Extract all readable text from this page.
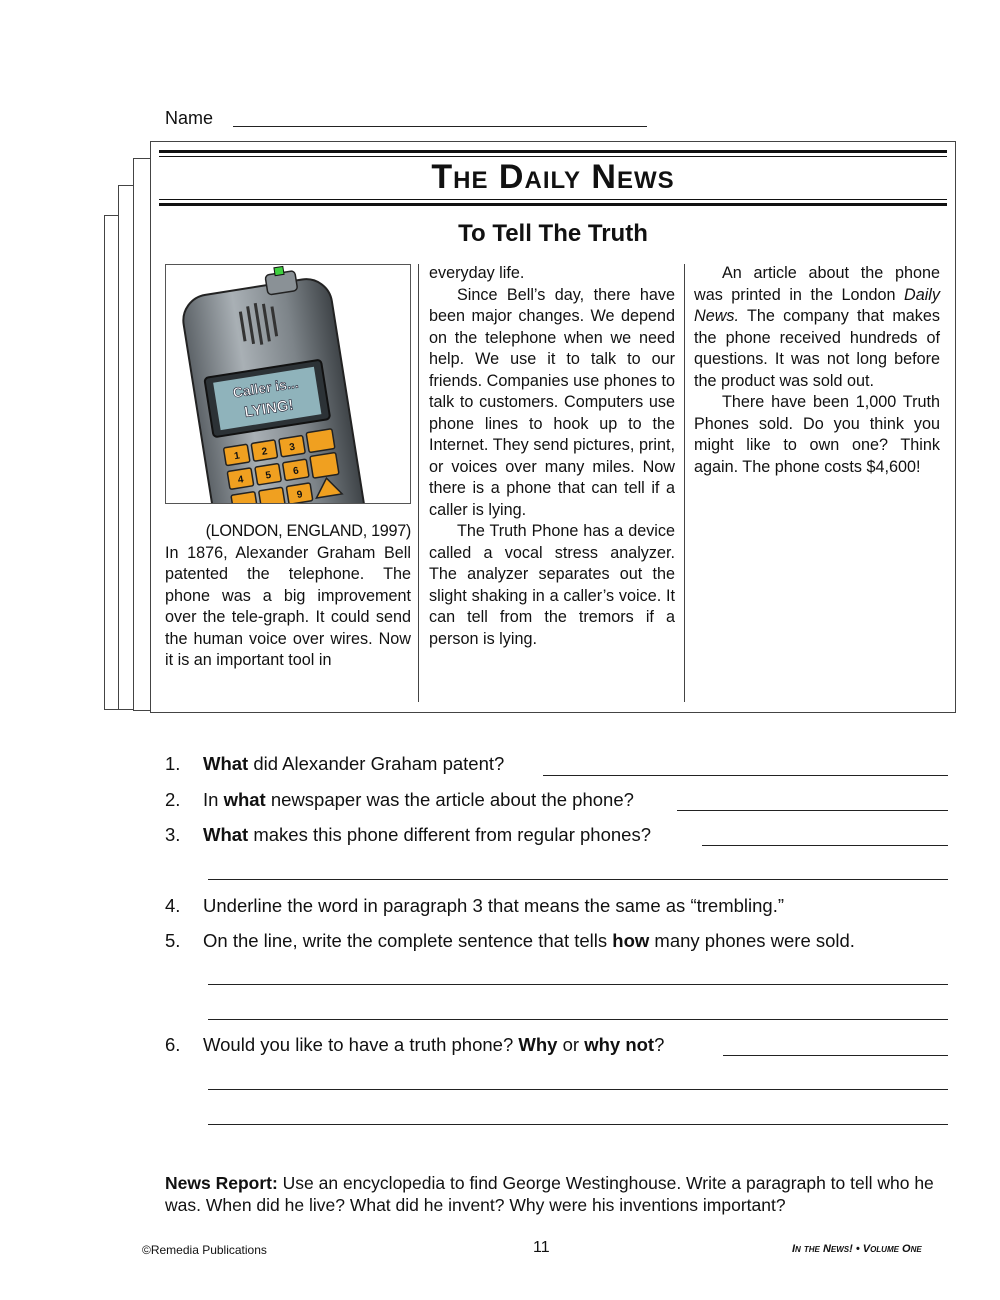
Name
The Daily News
To Tell The Truth
Caller is...
LYING!
1 2 3
4 5 6
9

(LONDON, ENGLAND, 1997)

In 1876, Alexander Graham Bell patented the telephone. The phone was a big improvement over the tele-graph. It could send the human voice over wires. Now it is an important tool in

everyday life.

Since Bell’s day, there have been major changes. We depend on the telephone when we need help. We use it to talk to our friends. Companies use phones to talk to customers. Computers use phone lines to hook up to the Internet. They send pictures, print, or voices over many miles. Now there is a phone that can tell if a caller is lying.

The Truth Phone has a device called a vocal stress analyzer. The analyzer separates out the slight shaking in a caller’s voice. It can tell from the tremors if a person is lying.

An article about the phone was printed in the London Daily News. The company that makes the phone received hundreds of questions. It was not long before the product was sold out.

There have been 1,000 Truth Phones sold. Do you think you might like to own one? Think again. The phone costs $4,600!

1. What did Alexander Graham patent?
2. In what newspaper was the article about the phone?
3. What makes this phone different from regular phones?
4. Underline the word in paragraph 3 that means the same as “trembling.”
5. On the line, write the complete sentence that tells how many phones were sold.
6. Would you like to have a truth phone? Why or why not?
News Report: Use an encyclopedia to find George Westinghouse. Write a paragraph to tell who he was. When did he live? What did he invent? Why were his inventions important?
©Remedia Publications	11	In the News! • Volume One
